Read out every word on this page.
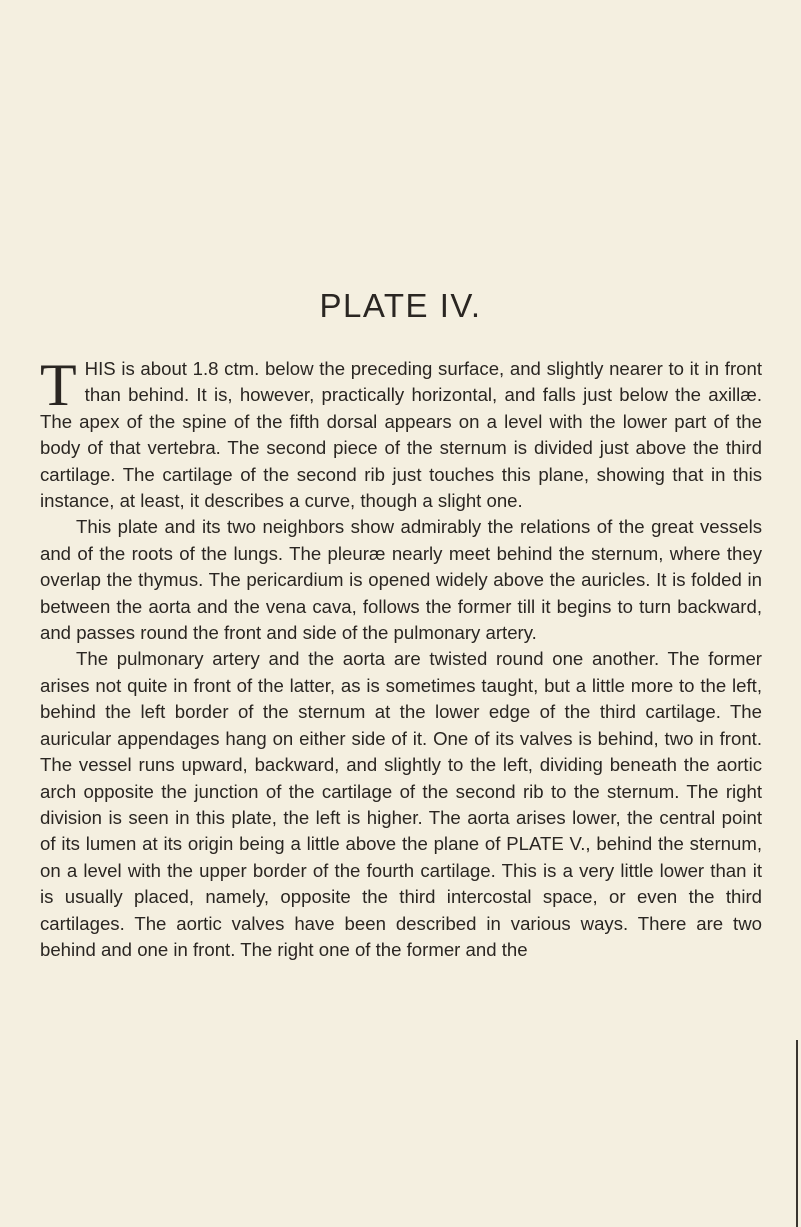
PLATE IV.

THIS is about 1.8 ctm. below the preceding surface, and slightly nearer to it in front than behind. It is, however, practically horizontal, and falls just below the axillæ. The apex of the spine of the fifth dorsal appears on a level with the lower part of the body of that vertebra. The second piece of the sternum is divided just above the third cartilage. The cartilage of the second rib just touches this plane, showing that in this instance, at least, it describes a curve, though a slight one.

This plate and its two neighbors show admirably the relations of the great vessels and of the roots of the lungs. The pleuræ nearly meet behind the sternum, where they overlap the thymus. The pericardium is opened widely above the auricles. It is folded in between the aorta and the vena cava, follows the former till it begins to turn backward, and passes round the front and side of the pulmonary artery.

The pulmonary artery and the aorta are twisted round one another. The former arises not quite in front of the latter, as is sometimes taught, but a little more to the left, behind the left border of the sternum at the lower edge of the third cartilage. The auricular appendages hang on either side of it. One of its valves is behind, two in front. The vessel runs upward, backward, and slightly to the left, dividing beneath the aortic arch opposite the junction of the cartilage of the second rib to the sternum. The right division is seen in this plate, the left is higher. The aorta arises lower, the central point of its lumen at its origin being a little above the plane of PLATE V., behind the sternum, on a level with the upper border of the fourth cartilage. This is a very little lower than it is usually placed, namely, opposite the third intercostal space, or even the third cartilages. The aortic valves have been described in various ways. There are two behind and one in front. The right one of the former and the
